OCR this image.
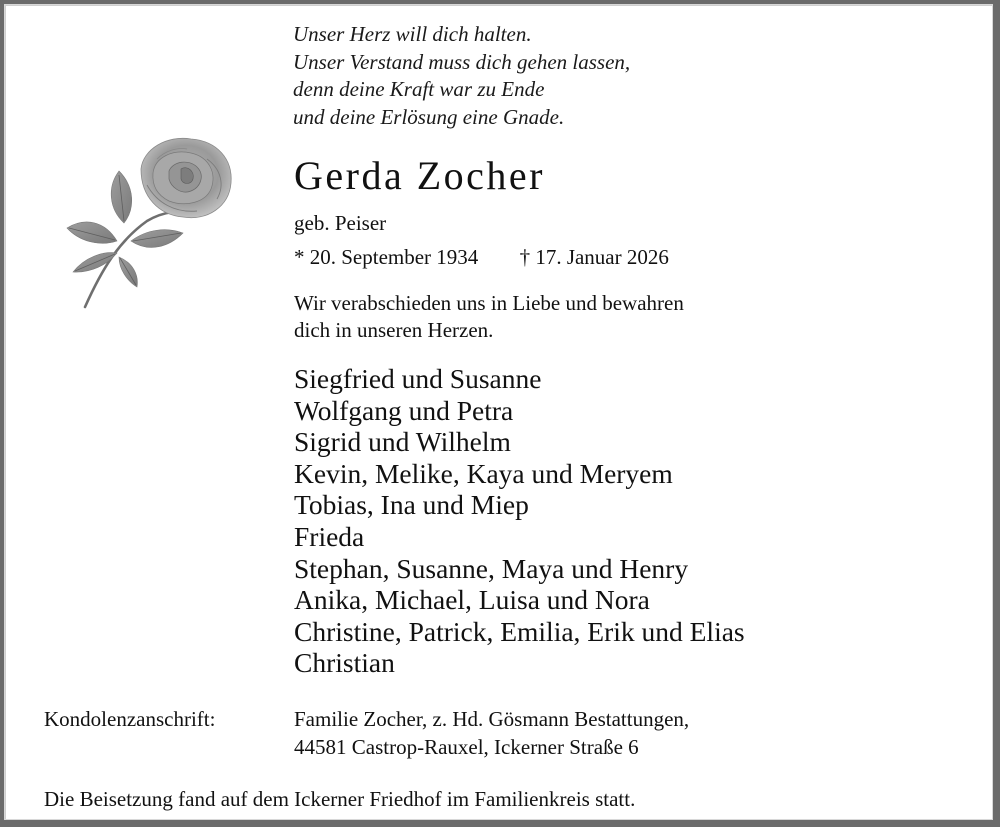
Unser Herz will dich halten.
Unser Verstand muss dich gehen lassen,
denn deine Kraft war zu Ende
und deine Erlösung eine Gnade.
Gerda Zocher
geb. Peiser
* 20. September 1934 † 17. Januar 2026
Wir verabschieden uns in Liebe und bewahren
dich in unseren Herzen.
Siegfried und Susanne
Wolfgang und Petra
Sigrid und Wilhelm
Kevin, Melike, Kaya und Meryem
Tobias, Ina und Miep
Frieda
Stephan, Susanne, Maya und Henry
Anika, Michael, Luisa und Nora
Christine, Patrick, Emilia, Erik und Elias
Christian
Kondolenzanschrift:	Familie Zocher, z. Hd. Gösmann Bestattungen,
44581 Castrop-Rauxel, Ickerner Straße 6
Die Beisetzung fand auf dem Ickerner Friedhof im Familienkreis statt.
